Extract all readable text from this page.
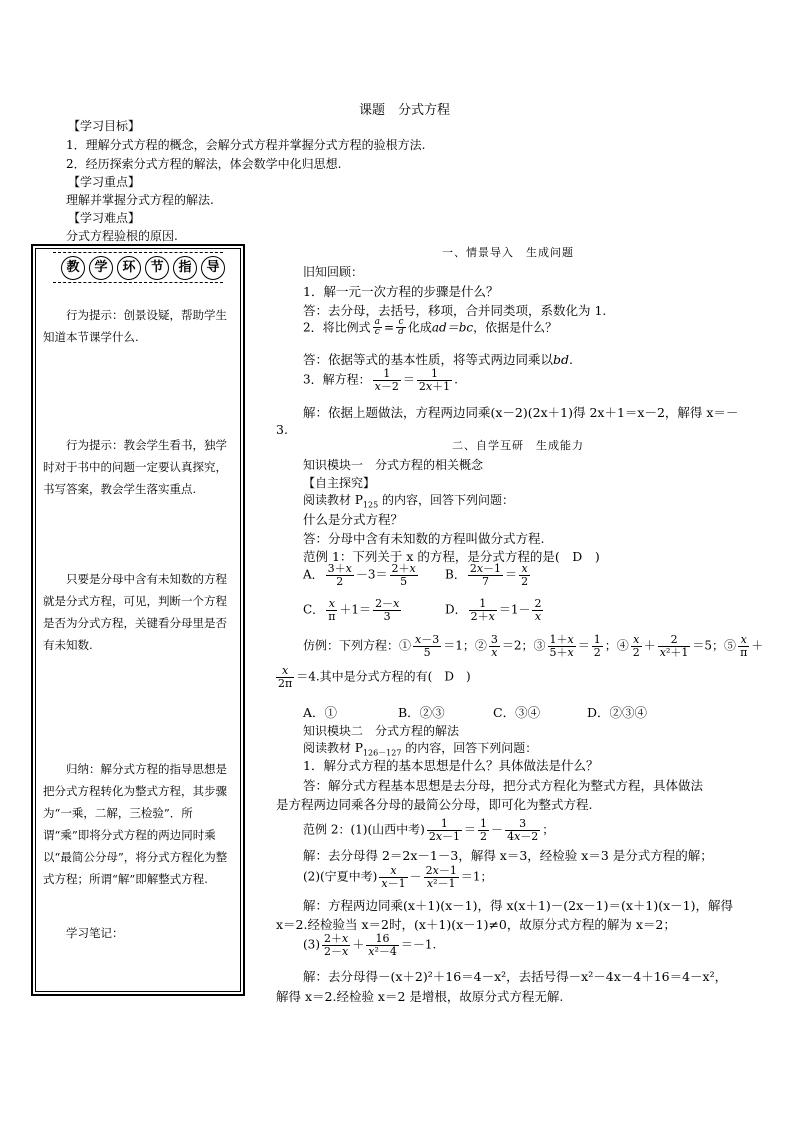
课题　分式方程
【学习目标】
1．理解分式方程的概念，会解分式方程并掌握分式方程的验根方法.
2．经历探索分式方程的解法，体会数学中化归思想.
【学习重点】
理解并掌握分式方程的解法.
【学习难点】
分式方程验根的原因.
教	学	环	节	指	导
　　行为提示：创景设疑，帮助学生知道本节课学什么.
　　行为提示：教会学生看书，独学时对于书中的问题一定要认真探究，书写答案，教会学生落实重点.
　　只要是分母中含有未知数的方程就是分式方程，可见，判断一个方程是否为分式方程，关键看分母里是否有未知数.
　　归纳：解分式方程的指导思想是把分式方程转化为整式方程，其步骤为“一乘，二解，三检验”．所谓“乘”即将分式方程的两边同时乘以“最简公分母”，将分式方程化为整式方程；所谓“解”即解整式方程.
　　学习笔记：
一、情景导入　生成问题
旧知回顾：
1．解一元一次方程的步骤是什么？
答：去分母，去括号，移项，合并同类项，系数化为 1.
2．将比例式 $\frac{a}{c} = \frac{c}{d}$ 化成ad＝bc，依据是什么？
答：依据等式的基本性质，将等式两边同乘以bd.
3．解方程： $\frac{1}{x-2} = \frac{1}{2x+1}$ .
解：依据上题做法，方程两边同乘(x－2)(2x＋1)得 2x＋1＝x－2，解得 x＝－
3.
二、自学互研　生成能力
知识模块一　分式方程的相关概念
【自主探究】
阅读教材 $P_{125}$ 的内容，回答下列问题：
什么是分式方程？
答：分母中含有未知数的方程叫做分式方程.
范例 1：下列关于 x 的方程，是分式方程的是(　D　)
A． $\frac{3+x}{2} -3= \frac{2+x}{5}$ B． $\frac{2x-1}{7} = \frac{x}{2}$
C． $\frac{x}{\pi} +1= \frac{2-x}{3}$	D． $\frac{1}{2+x} =1- \frac{2}{x}$
仿例：下列方程：① $\frac{x-3}{5} =1$；② $\frac{3}{x} =2$；③ $\frac{1+x}{5+x} = \frac{1}{2}$ ；④ $\frac{x}{2} + \frac{2}{\text{x²＋1}} =5$；⑤ $\frac{x}{\pi}$ ＋
$\frac{x}{2\pi} =4$.其中是分式方程的有(　D　)
A．①	B．②③	C．③④	D．②③④
知识模块二　分式方程的解法
阅读教材 $P_{126-127}$ 的内容，回答下列问题：
1．解分式方程的基本思想是什么？具体做法是什么？
答：解分式方程基本思想是去分母，把分式方程化为整式方程，具体做法
是方程两边同乘各分母的最简公分母，即可化为整式方程.
范例 2：(1)(山西中考) $\frac{1}{2x-1} = \frac{1}{2} - \frac{3}{4x-2}$ ；
解：去分母得 2＝2x－1－3，解得 x＝3，经检验 x＝3 是分式方程的解；
(2)(宁夏中考) $\frac{x}{x-1} - \frac{2x-1}{\text{x²－1}} =1$；
解：方程两边同乘(x＋1)(x－1)，得 x(x＋1)－(2x－1)＝(x＋1)(x－1)，解得
x＝2.经检验当 x＝2时，(x＋1)(x－1)≠0，故原分式方程的解为 x＝2；
$(3) \frac{2+x}{2-x} + \frac{16}{\text{x²－4}} =-1$.
解：去分母得－(x＋2)²＋16＝4－x²，去括号得－x²－4x－4＋16＝4－x²，
解得 x＝2.经检验 x＝2 是增根，故原分式方程无解.
